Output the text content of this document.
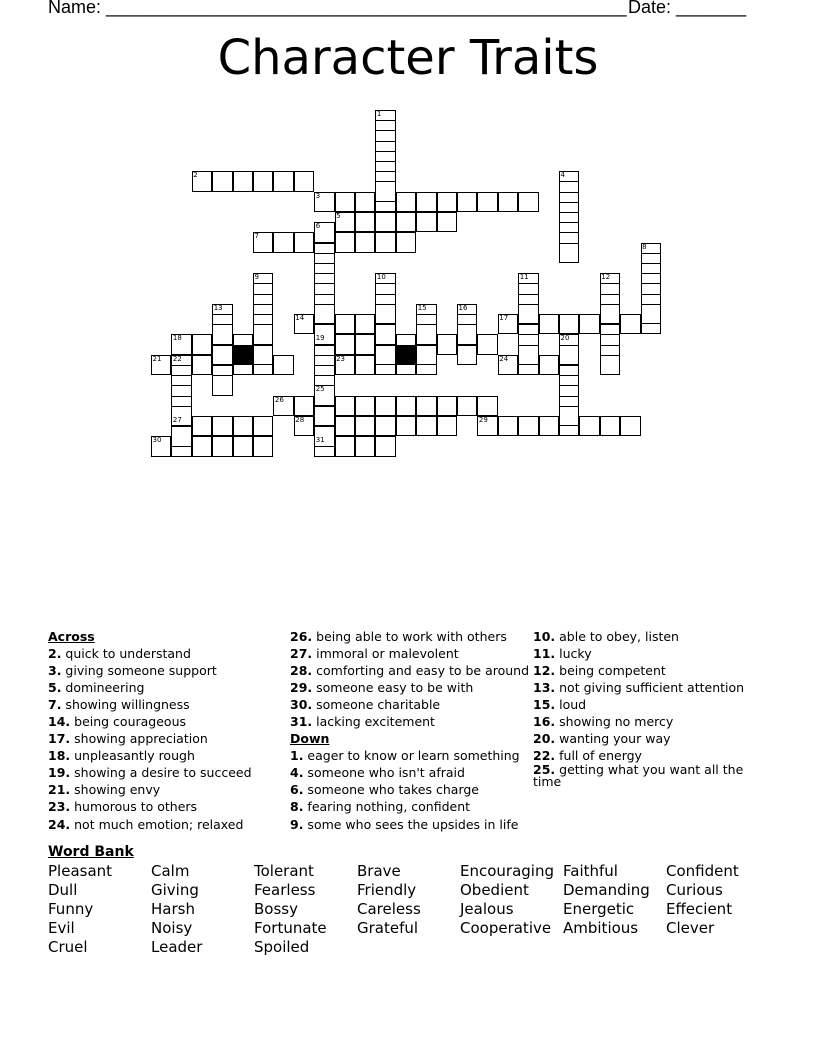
Name: ____________________________________________________ Date: _______
Character Traits
2
3
5
7
14	17
18	19
21	23	24
26
27	28	29
30	31
1
4
6
8
9	10	11	12
13	15	16
20
22
25
Across
2. quick to understand
3. giving someone support
5. domineering
7. showing willingness
14. being courageous
17. showing appreciation
18. unpleasantly rough
19. showing a desire to succeed
21. showing envy
23. humorous to others
24. not much emotion; relaxed
26. being able to work with others
27. immoral or malevolent
28. comforting and easy to be around
29. someone easy to be with
30. someone charitable
31. lacking excitement
Down
1. eager to know or learn something
4. someone who isn't afraid
6. someone who takes charge
8. fearing nothing, confident
9. some who sees the upsides in life
10. able to obey, listen
11. lucky
12. being competent
13. not giving sufficient attention
15. loud
16. showing no mercy
20. wanting your way
22. full of energy
25. getting what you want all the time
Word Bank
Pleasant
Dull
Funny
Evil
Cruel
Calm
Giving
Harsh
Noisy
Leader
Tolerant
Fearless
Bossy
Fortunate
Spoiled
Brave
Friendly
Careless
Grateful
Encouraging
Obedient
Jealous
Cooperative
Faithful
Demanding
Energetic
Ambitious
Confident
Curious
Effecient
Clever
